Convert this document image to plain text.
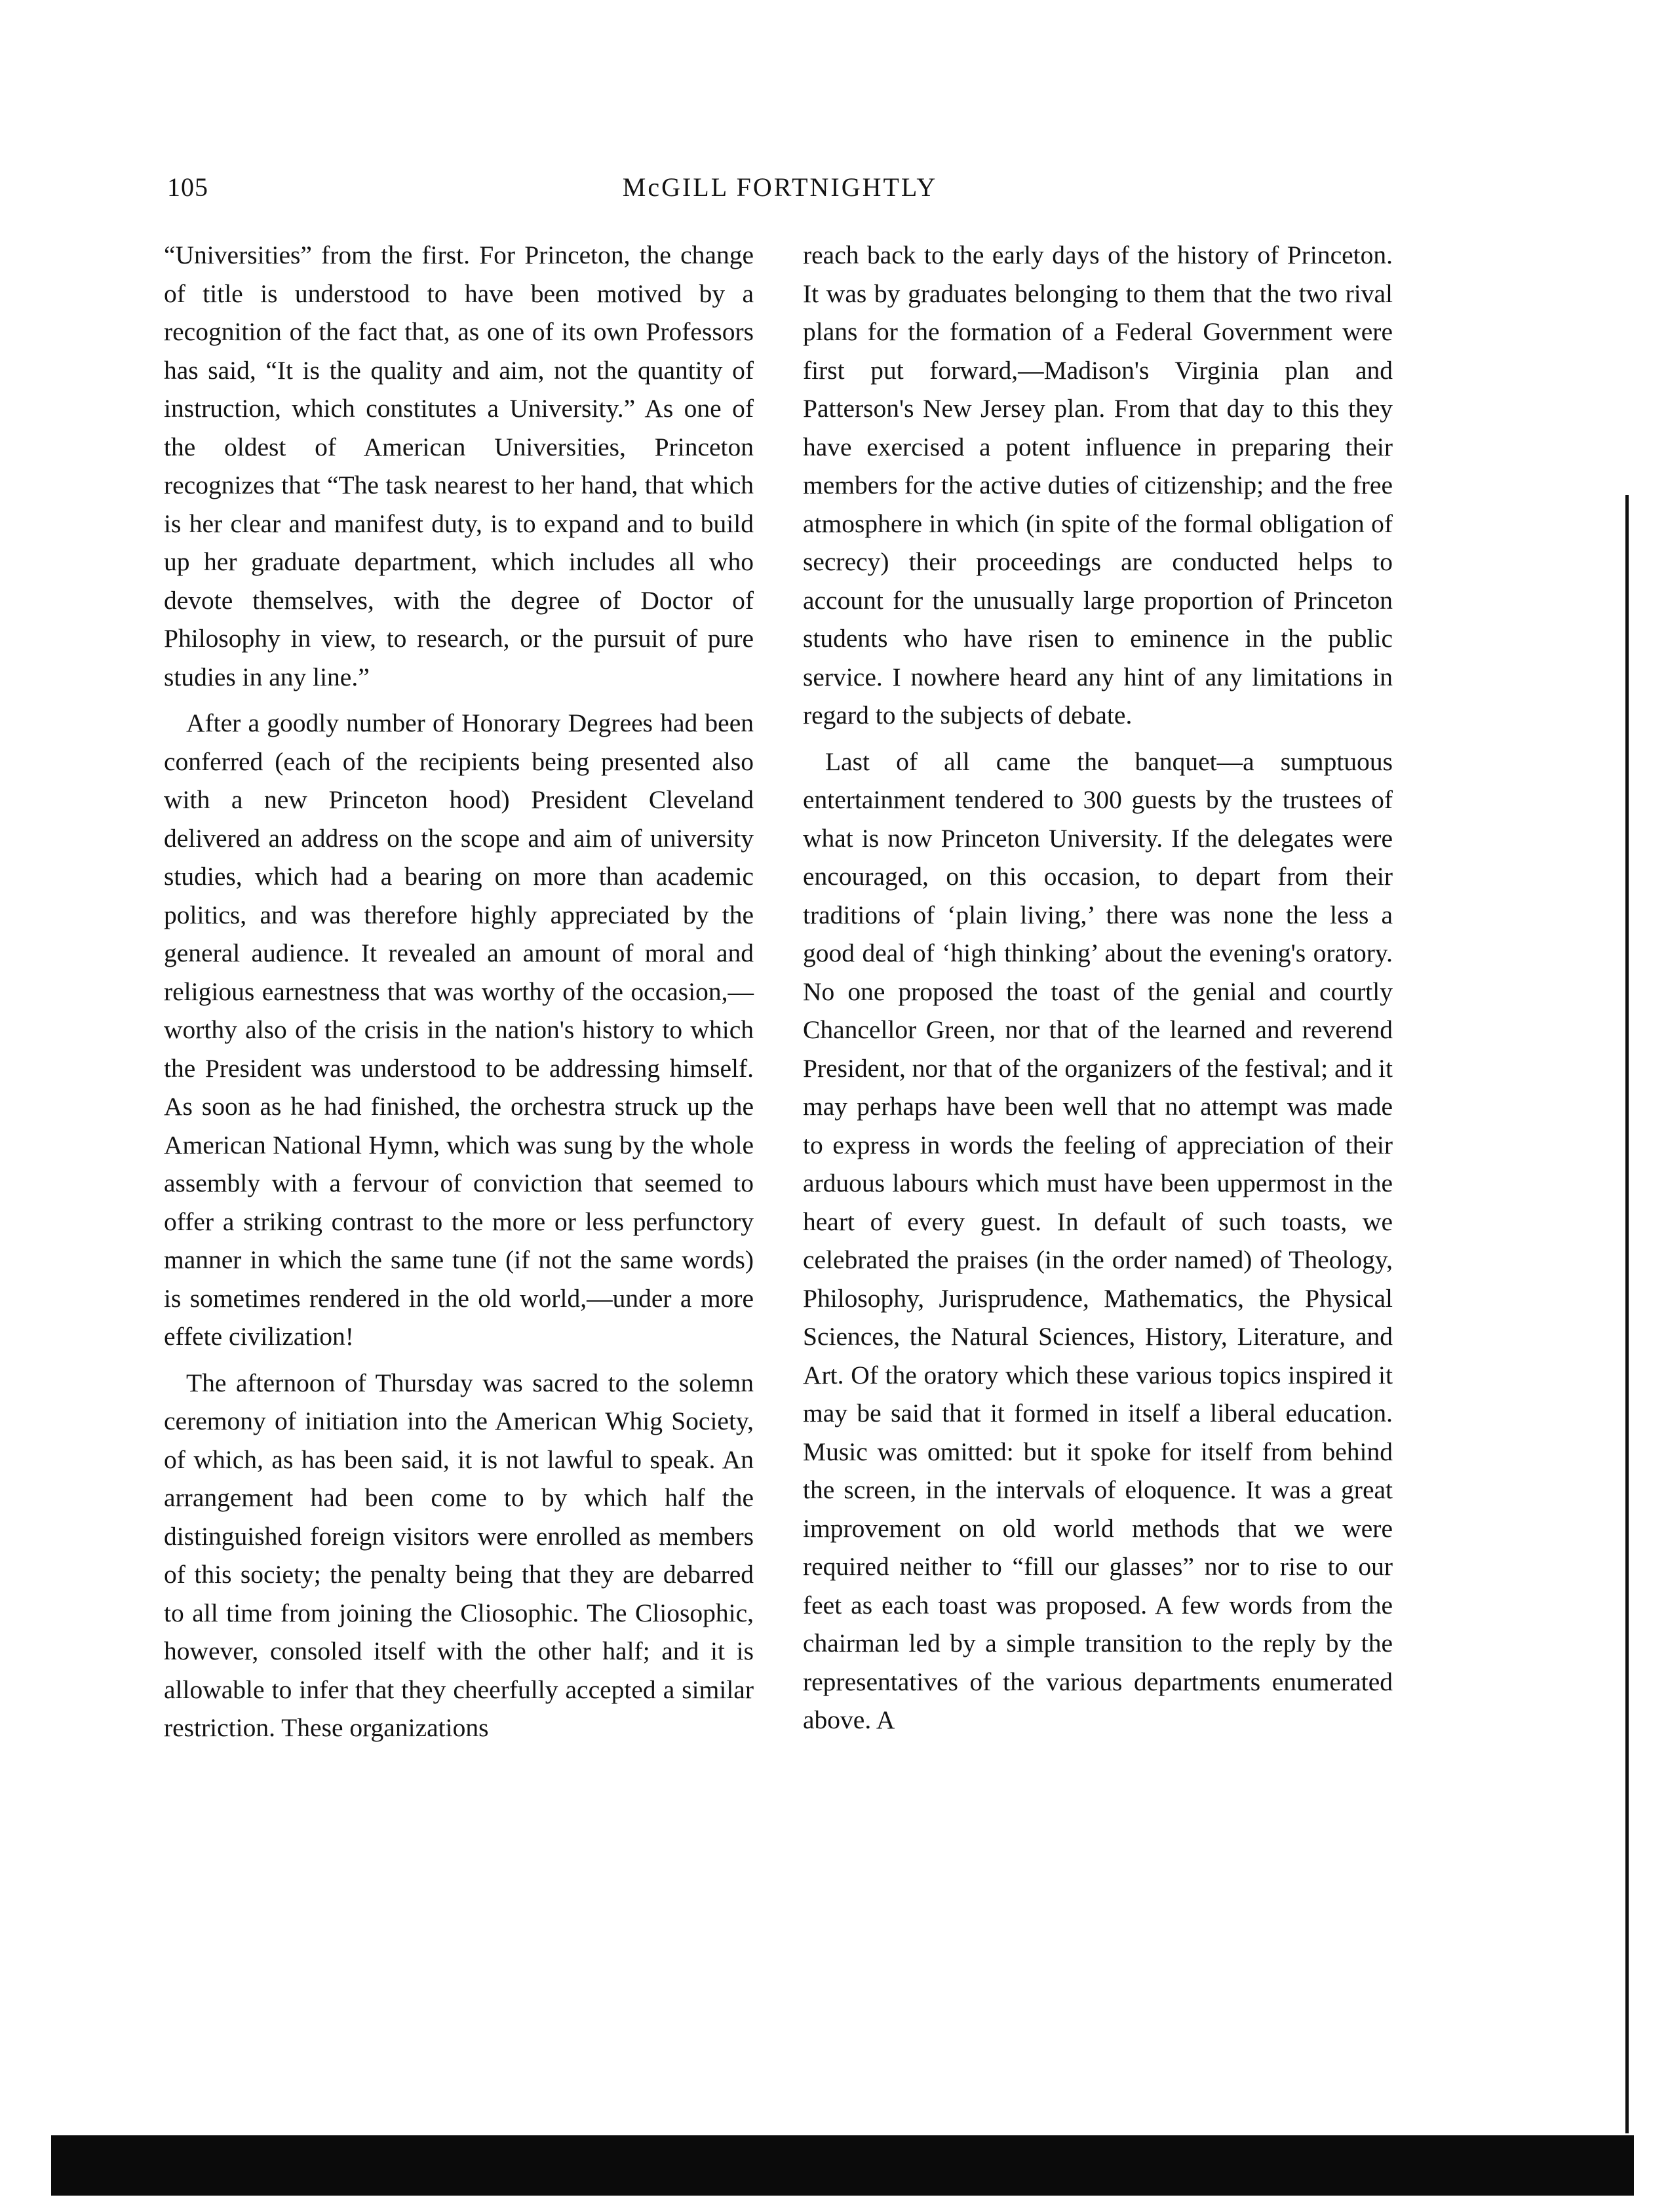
105	McGILL FORTNIGHTLY

“Universities” from the first. For Princeton, the change of title is understood to have been motived by a recognition of the fact that, as one of its own Professors has said, “It is the quality and aim, not the quantity of instruction, which constitutes a University.” As one of the oldest of American Universities, Princeton recognizes that “The task nearest to her hand, that which is her clear and manifest duty, is to expand and to build up her graduate department, which includes all who devote themselves, with the degree of Doctor of Philosophy in view, to research, or the pursuit of pure studies in any line.”

After a goodly number of Honorary Degrees had been conferred (each of the recipients being presented also with a new Princeton hood) President Cleveland delivered an address on the scope and aim of university studies, which had a bearing on more than academic politics, and was therefore highly appreciated by the general audience. It revealed an amount of moral and religious earnestness that was worthy of the occasion,—worthy also of the crisis in the nation's history to which the President was understood to be addressing himself. As soon as he had finished, the orchestra struck up the American National Hymn, which was sung by the whole assembly with a fervour of conviction that seemed to offer a striking contrast to the more or less perfunctory manner in which the same tune (if not the same words) is sometimes rendered in the old world,—under a more effete civilization!

The afternoon of Thursday was sacred to the solemn ceremony of initiation into the American Whig Society, of which, as has been said, it is not lawful to speak. An arrangement had been come to by which half the distinguished foreign visitors were enrolled as members of this society; the penalty being that they are debarred to all time from joining the Cliosophic. The Cliosophic, however, consoled itself with the other half; and it is allowable to infer that they cheerfully accepted a similar restriction. These organizations

reach back to the early days of the history of Princeton. It was by graduates belonging to them that the two rival plans for the formation of a Federal Government were first put forward,—Madison's Virginia plan and Patterson's New Jersey plan. From that day to this they have exercised a potent influence in preparing their members for the active duties of citizenship; and the free atmosphere in which (in spite of the formal obligation of secrecy) their proceedings are conducted helps to account for the unusually large proportion of Princeton students who have risen to eminence in the public service. I nowhere heard any hint of any limitations in regard to the subjects of debate.

Last of all came the banquet—a sumptuous entertainment tendered to 300 guests by the trustees of what is now Princeton University. If the delegates were encouraged, on this occasion, to depart from their traditions of ‘plain living,’ there was none the less a good deal of ‘high thinking’ about the evening's oratory. No one proposed the toast of the genial and courtly Chancellor Green, nor that of the learned and reverend President, nor that of the organizers of the festival; and it may perhaps have been well that no attempt was made to express in words the feeling of appreciation of their arduous labours which must have been uppermost in the heart of every guest. In default of such toasts, we celebrated the praises (in the order named) of Theology, Philosophy, Jurisprudence, Mathematics, the Physical Sciences, the Natural Sciences, History, Literature, and Art. Of the oratory which these various topics inspired it may be said that it formed in itself a liberal education. Music was omitted: but it spoke for itself from behind the screen, in the intervals of eloquence. It was a great improvement on old world methods that we were required neither to “fill our glasses” nor to rise to our feet as each toast was proposed. A few words from the chairman led by a simple transition to the reply by the representatives of the various departments enumerated above. A
